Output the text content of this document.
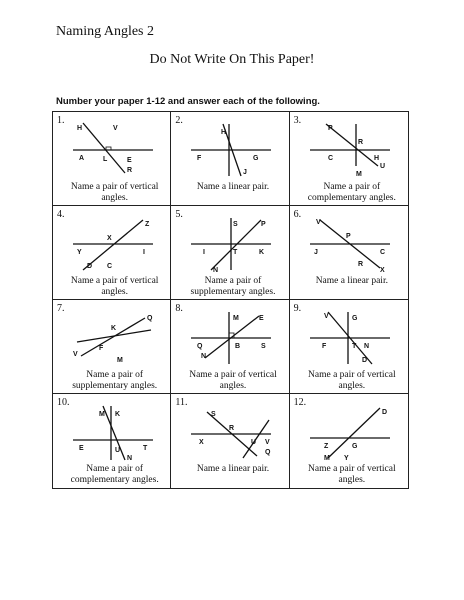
Naming Angles 2
Do Not Write On This Paper!
Number your paper 1-12 and answer each of the following.
1.
H	V
A	L	E
R
Name a pair of vertical angles.
2.
H
F	G
J
Name a linear pair.
3.
P
R
C	H
U
M
Name a pair of complementary angles.
4.
Z
X
Y	I
D C
Name a pair of vertical angles.
5.
S	P
K
I	T
N
Name a pair of supplementary angles.
6.
V
P
J	C
R
X
Name a linear pair.
7.
Q
K
V
F
M
Name a pair of supplementary angles.
8.
M	E
Q	B	S
N
Name a pair of vertical angles.
9.
V	G
F	T N
D
Name a pair of vertical angles.
10.
M K
E	T
N
U
Name a pair of complementary angles.
11.
S
X
R
V
Q
U
Name a linear pair.
12.
D
Z	G
M Y
Name a pair of vertical angles.
